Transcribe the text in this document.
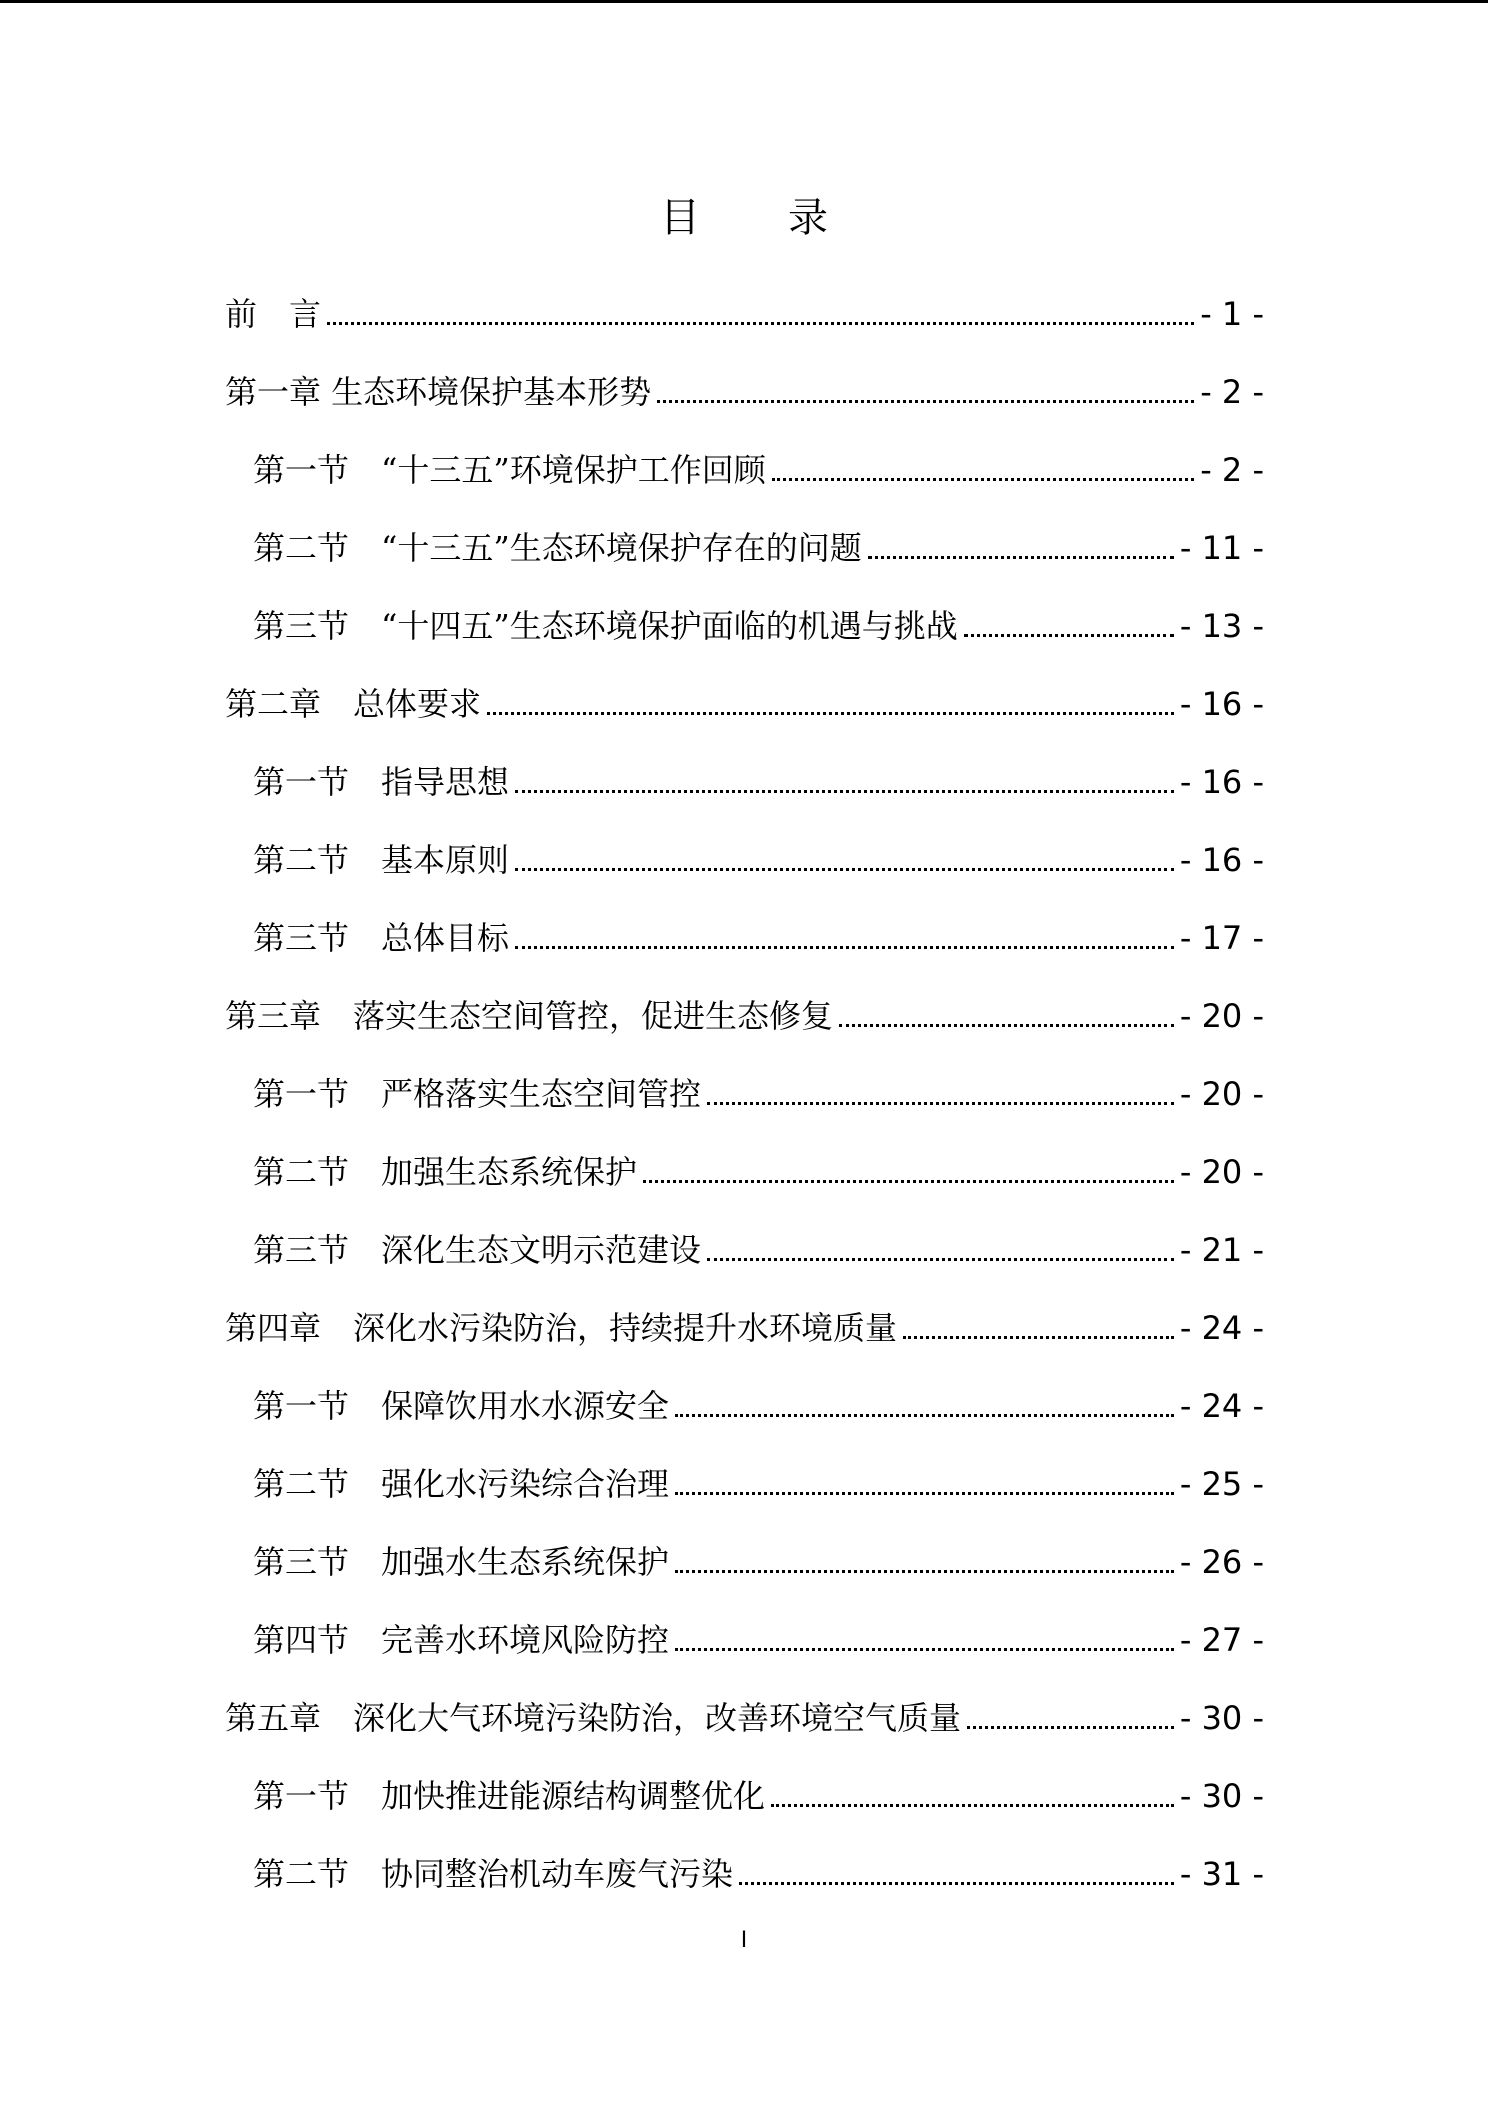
目　录
前　言	- 1 -
第一章 生态环境保护基本形势	- 2 -
第一节　“十三五”环境保护工作回顾	- 2 -
第二节　“十三五”生态环境保护存在的问题	- 11 -
第三节　“十四五”生态环境保护面临的机遇与挑战	- 13 -
第二章　总体要求	- 16 -
第一节　指导思想	- 16 -
第二节　基本原则	- 16 -
第三节　总体目标	- 17 -
第三章　落实生态空间管控，促进生态修复	- 20 -
第一节　严格落实生态空间管控	- 20 -
第二节　加强生态系统保护	- 20 -
第三节　深化生态文明示范建设	- 21 -
第四章　深化水污染防治，持续提升水环境质量	- 24 -
第一节　保障饮用水水源安全	- 24 -
第二节　强化水污染综合治理	- 25 -
第三节　加强水生态系统保护	- 26 -
第四节　完善水环境风险防控	- 27 -
第五章　深化大气环境污染防治，改善环境空气质量	- 30 -
第一节　加快推进能源结构调整优化	- 30 -
第二节　协同整治机动车废气污染	- 31 -
I
